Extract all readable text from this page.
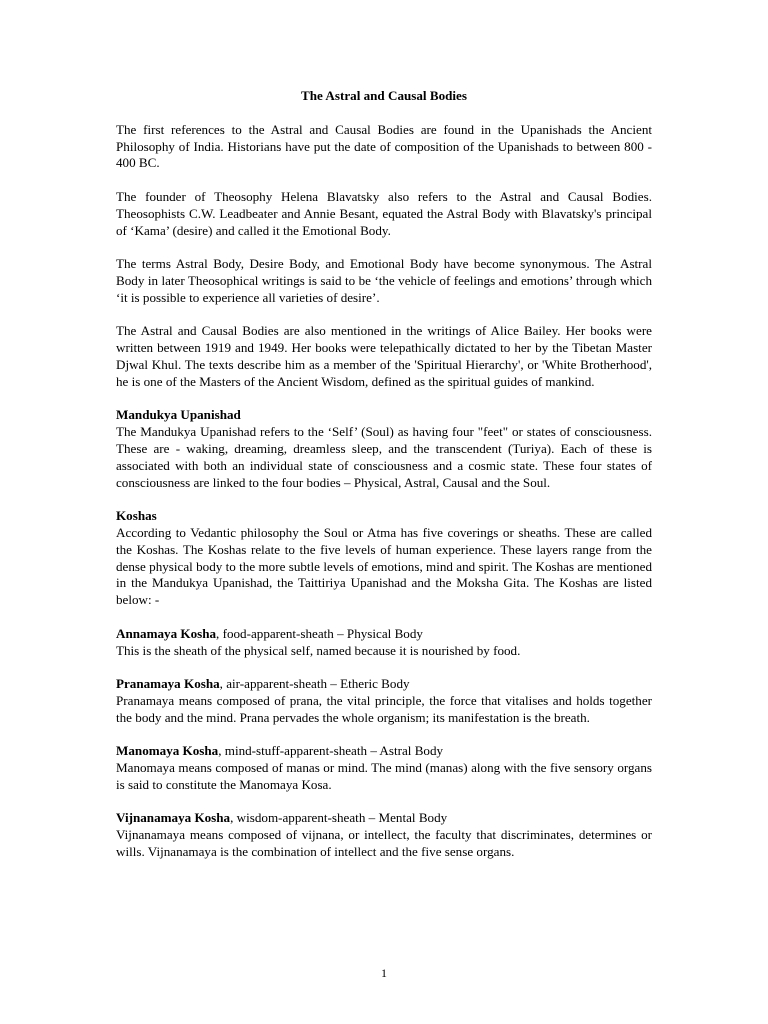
The Astral and Causal Bodies

The first references to the Astral and Causal Bodies are found in the Upanishads the Ancient Philosophy of India. Historians have put the date of composition of the Upanishads to between 800 - 400 BC.

The founder of Theosophy Helena Blavatsky also refers to the Astral and Causal Bodies. Theosophists C.W. Leadbeater and Annie Besant, equated the Astral Body with Blavatsky's principal of ‘Kama’ (desire) and called it the Emotional Body.

The terms Astral Body, Desire Body, and Emotional Body have become synonymous. The Astral Body in later Theosophical writings is said to be ‘the vehicle of feelings and emotions’ through which ‘it is possible to experience all varieties of desire’.

The Astral and Causal Bodies are also mentioned in the writings of Alice Bailey. Her books were written between 1919 and 1949. Her books were telepathically dictated to her by the Tibetan Master Djwal Khul. The texts describe him as a member of the 'Spiritual Hierarchy', or 'White Brotherhood', he is one of the Masters of the Ancient Wisdom, defined as the spiritual guides of mankind.

Mandukya Upanishad

The Mandukya Upanishad refers to the ‘Self’ (Soul) as having four "feet" or states of consciousness. These are - waking, dreaming, dreamless sleep, and the transcendent (Turiya). Each of these is associated with both an individual state of consciousness and a cosmic state. These four states of consciousness are linked to the four bodies – Physical, Astral, Causal and the Soul.

Koshas

According to Vedantic philosophy the Soul or Atma has five coverings or sheaths. These are called the Koshas. The Koshas relate to the five levels of human experience. These layers range from the dense physical body to the more subtle levels of emotions, mind and spirit. The Koshas are mentioned in the Mandukya Upanishad, the Taittiriya Upanishad and the Moksha Gita. The Koshas are listed below: -

Annamaya Kosha, food-apparent-sheath – Physical Body

This is the sheath of the physical self, named because it is nourished by food.

Pranamaya Kosha, air-apparent-sheath – Etheric Body

Pranamaya means composed of prana, the vital principle, the force that vitalises and holds together the body and the mind. Prana pervades the whole organism; its manifestation is the breath.

Manomaya Kosha, mind-stuff-apparent-sheath – Astral Body

Manomaya means composed of manas or mind. The mind (manas) along with the five sensory organs is said to constitute the Manomaya Kosa.

Vijnanamaya Kosha, wisdom-apparent-sheath – Mental Body

Vijnanamaya means composed of vijnana, or intellect, the faculty that discriminates, determines or wills. Vijnanamaya is the combination of intellect and the five sense organs.

1
